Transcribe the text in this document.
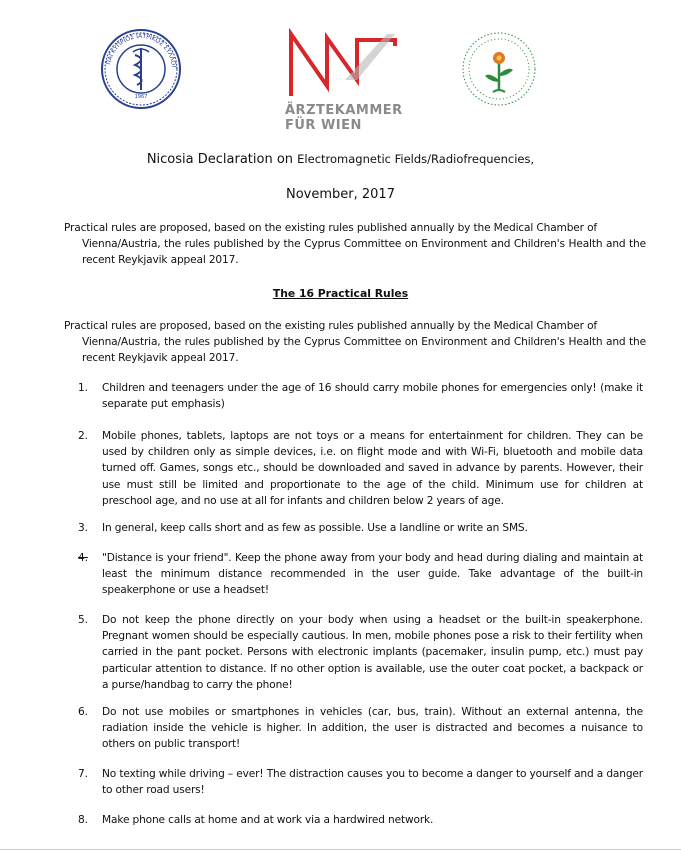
1967
ΠΑΓΚΥΠΡΙΟΣ ΙΑΤΡΙΚΟΣ ΣΥΛΛΟΓ
ÄRZTEKAMMER
FÜR WIEN
Nicosia Declaration on Electromagnetic Fields/Radiofrequencies,
November, 2017
Practical rules are proposed, based on the existing rules published annually by the Medical Chamber of
Vienna/Austria, the rules published by the Cyprus Committee on Environment and Children's Health and the recent Reykjavik appeal 2017.
The 16 Practical Rules
Practical rules are proposed, based on the existing rules published annually by the Medical Chamber of
Vienna/Austria, the rules published by the Cyprus Committee on Environment and Children's Health and the recent Reykjavik appeal 2017.
1.	Children and teenagers under the age of 16 should carry mobile phones for emergencies only! (make it separate put emphasis)
2.	Mobile phones, tablets, laptops are not toys or a means for entertainment for children. They can be used by children only as simple devices, i.e. on flight mode and with Wi-Fi, bluetooth and mobile data turned off. Games, songs etc., should be downloaded and saved in advance by parents. However, their use must still be limited and proportionate to the age of the child. Minimum use for children at preschool age, and no use at all for infants and children below 2 years of age.
3.	In general, keep calls short and as few as possible. Use a landline or write an SMS.
4.	"Distance is your friend". Keep the phone away from your body and head during dialing and maintain at least the minimum distance recommended in the user guide. Take advantage of the built-in speakerphone or use a headset!
5.	Do not keep the phone directly on your body when using a headset or the built-in speakerphone. Pregnant women should be especially cautious. In men, mobile phones pose a risk to their fertility when carried in the pant pocket. Persons with electronic implants (pacemaker, insulin pump, etc.) must pay particular attention to distance. If no other option is available, use the outer coat pocket, a backpack or a purse/handbag to carry the phone!
6.	Do not use mobiles or smartphones in vehicles (car, bus, train). Without an external antenna, the radiation inside the vehicle is higher. In addition, the user is distracted and becomes a nuisance to others on public transport!
7.	No texting while driving – ever! The distraction causes you to become a danger to yourself and a danger to other road users!
8.	Make phone calls at home and at work via a hardwired network.
